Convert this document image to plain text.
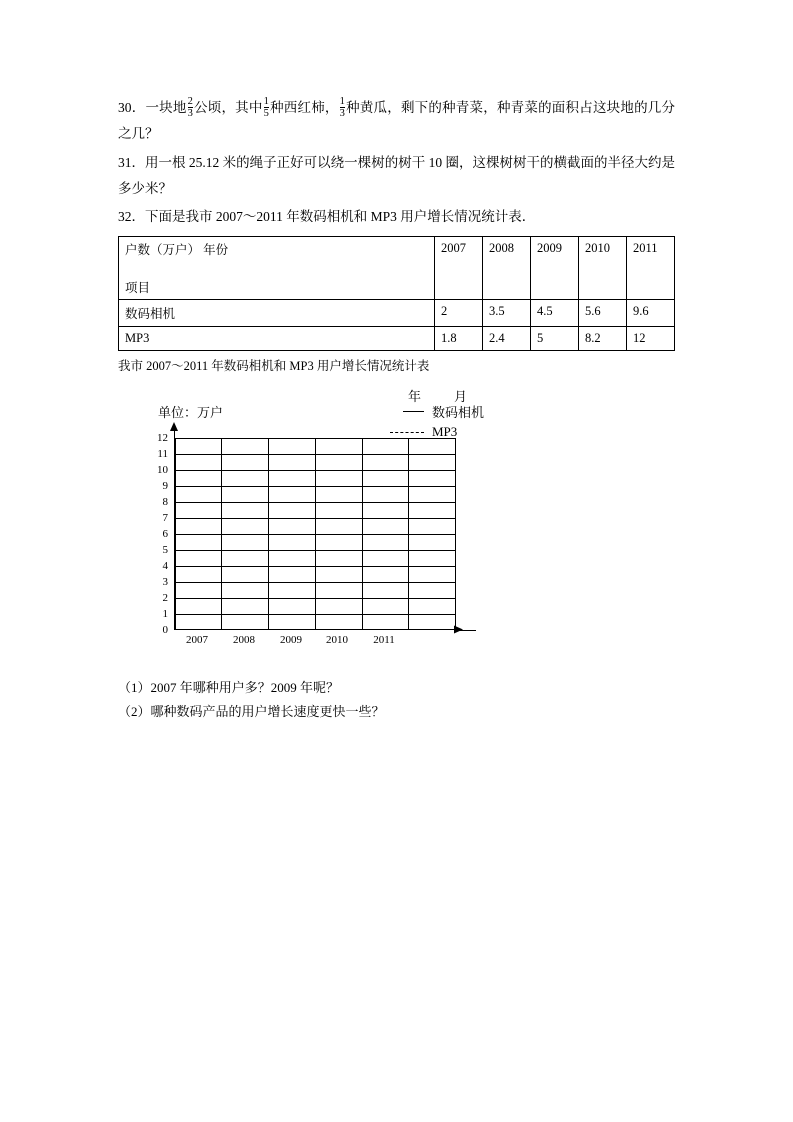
30．一块地 $\frac{2}{3}$ 公顷，其中 $\frac{1}{5}$ 种西红柿， $\frac{1}{3}$ 种黄瓜，剩下的种青菜，种青菜的面积占这块地的几分之几？

31．用一根 25.12 米的绳子正好可以绕一棵树的树干 10 圈，这棵树树干的横截面的半径大约是多少米？

32．下面是我市 2007～2011 年数码相机和 MP3 用户增长情况统计表．

户数（万户） 年份
项目	2007	2008	2009	2010	2011
数码相机	2	3.5	4.5	5.6	9.6
MP3	1.8	2.4	5	8.2	12

我市 2007～2011 年数码相机和 MP3 用户增长情况统计表

单位：万户
年　月
数码相机
MP3
12
11
10
9
8
7
6
5
4
3
2
1
0
2007 2008 2009 2010 2011

（1）2007 年哪种用户多？2009 年呢？

（2）哪种数码产品的用户增长速度更快一些？
